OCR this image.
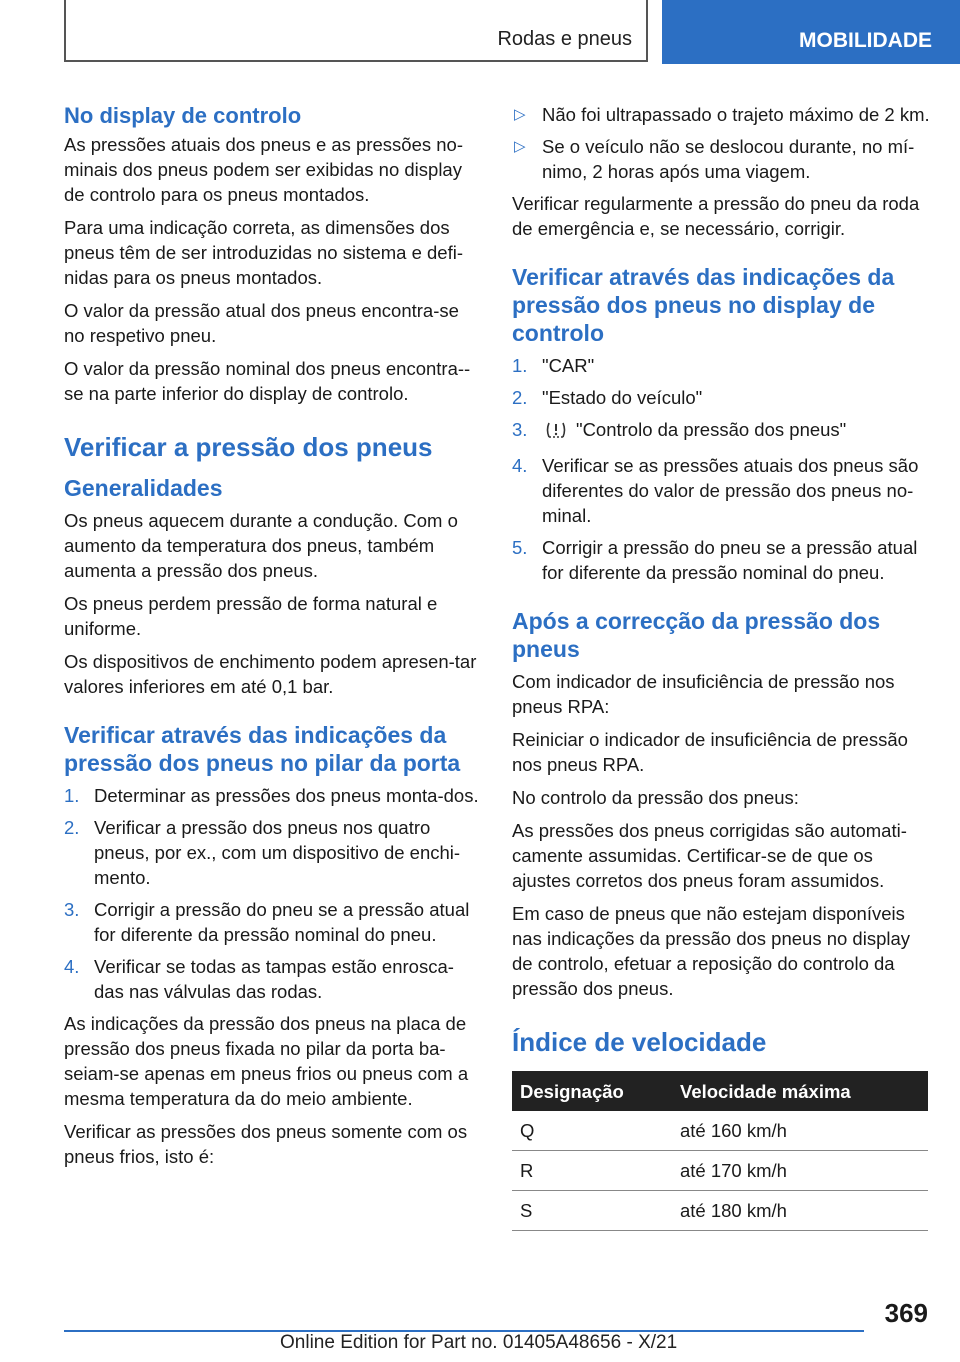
Rodas e pneus	MOBILIDADE
No display de controlo

As pressões atuais dos pneus e as pressões no-minais dos pneus podem ser exibidas no display de controlo para os pneus montados.

Para uma indicação correta, as dimensões dos pneus têm de ser introduzidas no sistema e defi-nidas para os pneus montados.

O valor da pressão atual dos pneus encontra-se no respetivo pneu.

O valor da pressão nominal dos pneus encontra--se na parte inferior do display de controlo.

Verificar a pressão dos pneus
Generalidades

Os pneus aquecem durante a condução. Com o aumento da temperatura dos pneus, também aumenta a pressão dos pneus.

Os pneus perdem pressão de forma natural e uniforme.

Os dispositivos de enchimento podem apresen-tar valores inferiores em até 0,1 bar.

Verificar através das indicações da pressão dos pneus no pilar da porta
1. Determinar as pressões dos pneus monta-dos.
2. Verificar a pressão dos pneus nos quatro pneus, por ex., com um dispositivo de enchi-mento.
3. Corrigir a pressão do pneu se a pressão atual for diferente da pressão nominal do pneu.
4. Verificar se todas as tampas estão enrosca-das nas válvulas das rodas.

As indicações da pressão dos pneus na placa de pressão dos pneus fixada no pilar da porta ba-seiam-se apenas em pneus frios ou pneus com a mesma temperatura da do meio ambiente.

Verificar as pressões dos pneus somente com os pneus frios, isto é:

▷ Não foi ultrapassado o trajeto máximo de 2 km.
▷ Se o veículo não se deslocou durante, no mí-nimo, 2 horas após uma viagem.

Verificar regularmente a pressão do pneu da roda de emergência e, se necessário, corrigir.

Verificar através das indicações da pressão dos pneus no display de controlo
1. "CAR"
2. "Estado do veículo"
3.	"Controlo da pressão dos pneus"
4. Verificar se as pressões atuais dos pneus são diferentes do valor de pressão dos pneus no-minal.
5. Corrigir a pressão do pneu se a pressão atual for diferente da pressão nominal do pneu.
Após a correcção da pressão dos pneus

Com indicador de insuficiência de pressão nos pneus RPA:

Reiniciar o indicador de insuficiência de pressão nos pneus RPA.

No controlo da pressão dos pneus:

As pressões dos pneus corrigidas são automati-camente assumidas. Certificar-se de que os ajustes corretos dos pneus foram assumidos.

Em caso de pneus que não estejam disponíveis nas indicações da pressão dos pneus no display de controlo, efetuar a reposição do controlo da pressão dos pneus.

Índice de velocidade
Designação	Velocidade máxima
Q	até 160 km/h
R	até 170 km/h
S	até 180 km/h
369
Online Edition for Part no. 01405A48656 - X/21
